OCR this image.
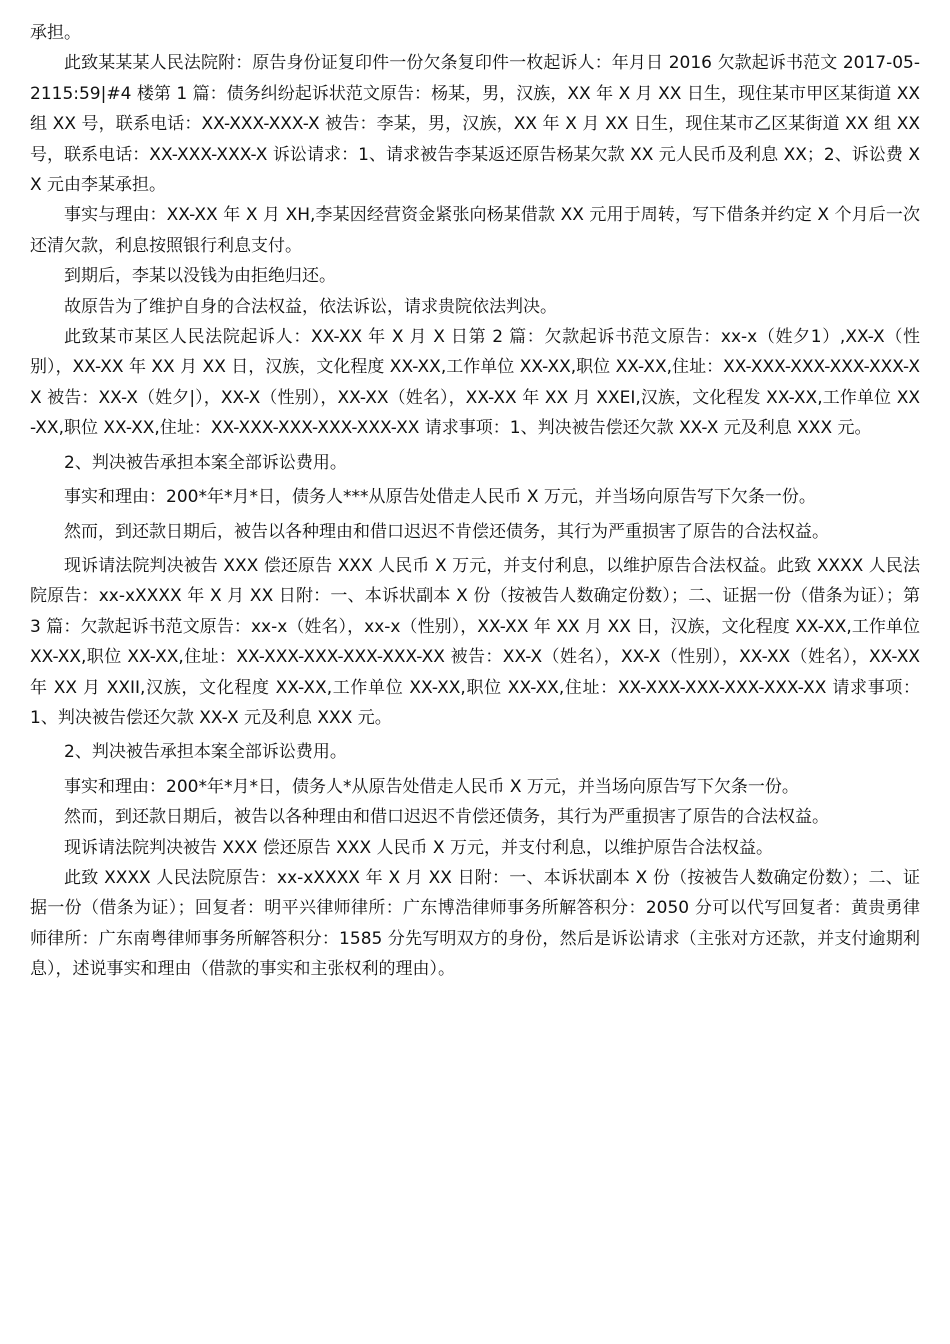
承担。

此致某某某人民法院附：原告身份证复印件一份欠条复印件一枚起诉人：年月日 2016 欠款起诉书范文 2017-05-2115:59|#4 楼第 1 篇：债务纠纷起诉状范文原告：杨某，男，汉族，XX 年 X 月 XX 日生，现住某市甲区某街道 XX 组 XX 号，联系电话：XX-XXX-XXX-X 被告：李某，男，汉族，XX 年 X 月 XX 日生，现住某市乙区某街道 XX 组 XX 号，联系电话：XX-XXX-XXX-X 诉讼请求：1、请求被告李某返还原告杨某欠款 XX 元人民币及利息 XX；2、诉讼费 XX 元由李某承担。

事实与理由：XX-XX 年 X 月 XH,李某因经营资金紧张向杨某借款 XX 元用于周转，写下借条并约定 X 个月后一次还清欠款，利息按照银行利息支付。

到期后，李某以没钱为由拒绝归还。

故原告为了维护自身的合法权益，依法诉讼，请求贵院依法判决。

此致某市某区人民法院起诉人：XX-XX 年 X 月 X 日第 2 篇：欠款起诉书范文原告：xx-x（姓夕1）,XX-X（性别），XX-XX 年 XX 月 XX 日，汉族，文化程度 XX-XX,工作单位 XX-XX,职位 XX-XX,住址：XX-XXX-XXX-XXX-XXX-XX 被告：XX-X（姓夕|），XX-X（性别），XX-XX（姓名），XX-XX 年 XX 月 XXEI,汉族，文化程发 XX-XX,工作单位 XX-XX,职位 XX-XX,住址：XX-XXX-XXX-XXX-XXX-XX 请求事项：1、判决被告偿还欠款 XX-X 元及利息 XXX 元。

2、判决被告承担本案全部诉讼费用。

事实和理由：200*年*月*日，债务人***从原告处借走人民币 X 万元，并当场向原告写下欠条一份。

然而，到还款日期后，被告以各种理由和借口迟迟不肯偿还债务，其行为严重损害了原告的合法权益。

现诉请法院判决被告 XXX 偿还原告 XXX 人民币 X 万元，并支付利息，以维护原告合法权益。此致 XXXX 人民法院原告：xx-xXXXX 年 X 月 XX 日附：一、本诉状副本 X 份（按被告人数确定份数）；二、证据一份（借条为证）；第 3 篇：欠款起诉书范文原告：xx-x（姓名），xx-x（性别），XX-XX 年 XX 月 XX 日，汉族，文化程度 XX-XX,工作单位 XX-XX,职位 XX-XX,住址：XX-XXX-XXX-XXX-XXX-XX 被告：XX-X（姓名），XX-X（性别），XX-XX（姓名），XX-XX 年 XX 月 XXII,汉族，文化程度 XX-XX,工作单位 XX-XX,职位 XX-XX,住址：XX-XXX-XXX-XXX-XXX-XX 请求事项：1、判决被告偿还欠款 XX-X 元及利息 XXX 元。

2、判决被告承担本案全部诉讼费用。

事实和理由：200*年*月*日，债务人*从原告处借走人民币 X 万元，并当场向原告写下欠条一份。

然而，到还款日期后，被告以各种理由和借口迟迟不肯偿还债务，其行为严重损害了原告的合法权益。

现诉请法院判决被告 XXX 偿还原告 XXX 人民币 X 万元，并支付利息，以维护原告合法权益。

此致 XXXX 人民法院原告：xx-xXXXX 年 X 月 XX 日附：一、本诉状副本 X 份（按被告人数确定份数）；二、证据一份（借条为证）；回复者：明平兴律师律所：广东博浩律师事务所解答积分：2050 分可以代写回复者：黄贵勇律师律所：广东南粤律师事务所解答积分：1585 分先写明双方的身份，然后是诉讼请求（主张对方还款，并支付逾期利息），述说事实和理由（借款的事实和主张权利的理由）。
